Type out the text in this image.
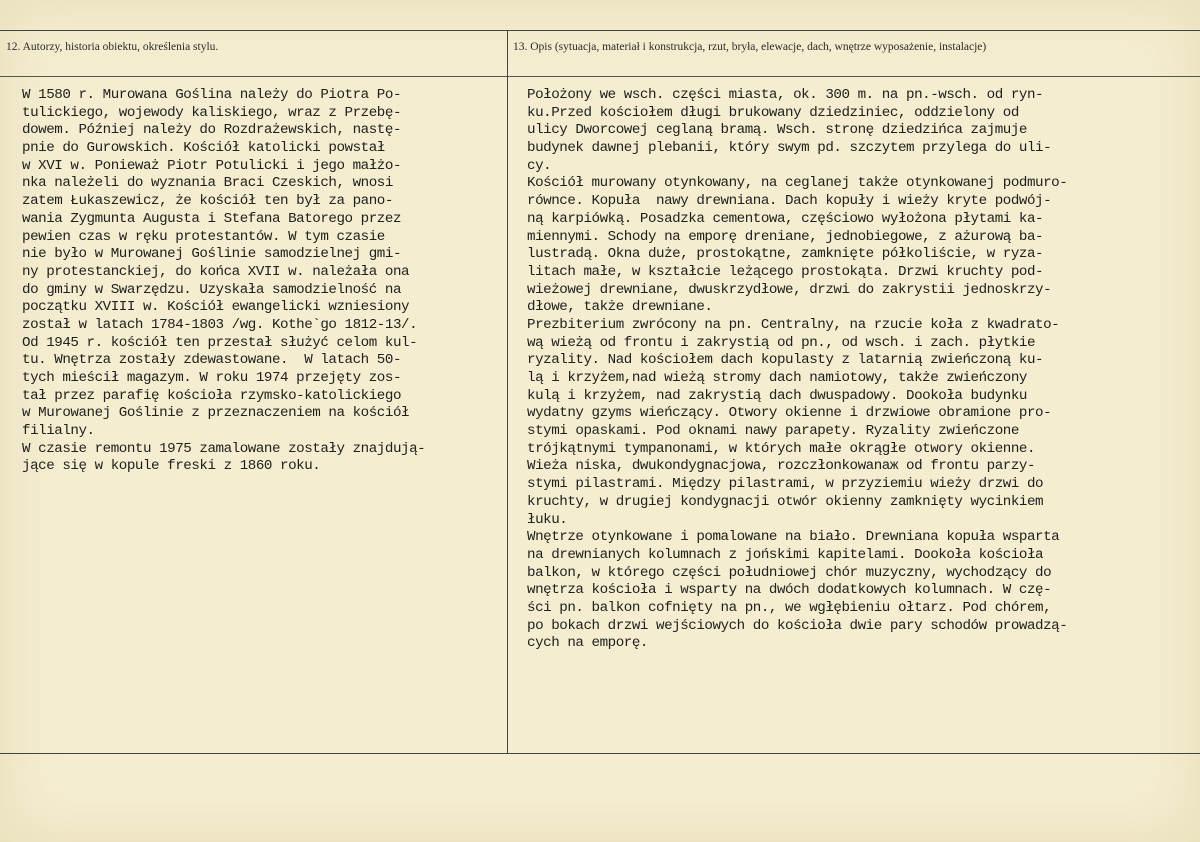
12. Autorzy, historia obiektu, określenia stylu.	13. Opis (sytuacja, materiał i konstrukcja, rzut, bryła, elewacje, dach, wnętrze wyposażenie, instalacje)
W 1580 r. Murowana Goślina należy do Piotra Po-
tulickiego, wojewody kaliskiego, wraz z Przebę-
dowem. Później należy do Rozdrażewskich, nastę-
pnie do Gurowskich. Kościół katolicki powstał
w XVI w. Ponieważ Piotr Potulicki i jego małżo-
nka należeli do wyznania Braci Czeskich, wnosi
zatem Łukaszewicz, że kościół ten był za pano-
wania Zygmunta Augusta i Stefana Batorego przez
pewien czas w ręku protestantów. W tym czasie
nie było w Murowanej Goślinie samodzielnej gmi-
ny protestanckiej, do końca XVII w. należała ona
do gminy w Swarzędzu. Uzyskała samodzielność na
początku XVIII w. Kościół ewangelicki wzniesiony
został w latach 1784-1803 /wg. Kothe`go 1812-13/.
Od 1945 r. kościół ten przestał służyć celom kul-
tu. Wnętrza zostały zdewastowane.  W latach 50-
tych mieścił magazym. W roku 1974 przejęty zos-
tał przez parafię kościoła rzymsko-katolickiego
w Murowanej Goślinie z przeznaczeniem na kościół
filialny.
W czasie remontu 1975 zamalowane zostały znajdują-
jące się w kopule freski z 1860 roku.
Położony we wsch. części miasta, ok. 300 m. na pn.-wsch. od ryn-
ku.Przed kościołem długi brukowany dziedziniec, oddzielony od
ulicy Dworcowej ceglaną bramą. Wsch. stronę dziedzińca zajmuje
budynek dawnej plebanii, który swym pd. szczytem przylega do uli-
cy.
Kościół murowany otynkowany, na ceglanej także otynkowanej podmuro-
równce. Kopuła  nawy drewniana. Dach kopuły i wieży kryte podwój-
ną karpiówką. Posadzka cementowa, częściowo wyłożona płytami ka-
miennymi. Schody na emporę dreniane, jednobiegowe, z ażurową ba-
lustradą. Okna duże, prostokątne, zamknięte półkoliście, w ryza-
litach małe, w kształcie leżącego prostokąta. Drzwi kruchty pod-
wieżowej drewniane, dwuskrzydłowe, drzwi do zakrystii jednoskrzy-
dłowe, także drewniane.
Prezbiterium zwrócony na pn. Centralny, na rzucie koła z kwadrato-
wą wieżą od frontu i zakrystią od pn., od wsch. i zach. płytkie
ryzality. Nad kościołem dach kopulasty z latarnią zwieńczoną ku-
lą i krzyżem,nad wieżą stromy dach namiotowy, także zwieńczony
kulą i krzyżem, nad zakrystią dach dwuspadowy. Dookoła budynku
wydatny gzyms wieńczący. Otwory okienne i drzwiowe obramione pro-
stymi opaskami. Pod oknami nawy parapety. Ryzality zwieńczone
trójkątnymi tympanonami, w których małe okrągłe otwory okienne.
Wieża niska, dwukondygnacjowa, rozczłonkowanaж od frontu parzy-
stymi pilastrami. Między pilastrami, w przyziemiu wieży drzwi do
kruchty, w drugiej kondygnacji otwór okienny zamknięty wycinkiem
łuku.
Wnętrze otynkowane i pomalowane na biało. Drewniana kopuła wsparta
na drewnianych kolumnaсh z jońskimi kapitelami. Dookoła kościoła
balkon, w którego części południowej chór muzyczny, wychodzący do
wnętrza kościoła i wsparty na dwóch dodatkowych kolumnach. W czę-
ści pn. balkon cofnięty na pn., we wgłębieniu ołtarz. Pod chórem,
po bokach drzwi wejściowych do kościoła dwie pary schodów prowadzą-
cych na emporę.
